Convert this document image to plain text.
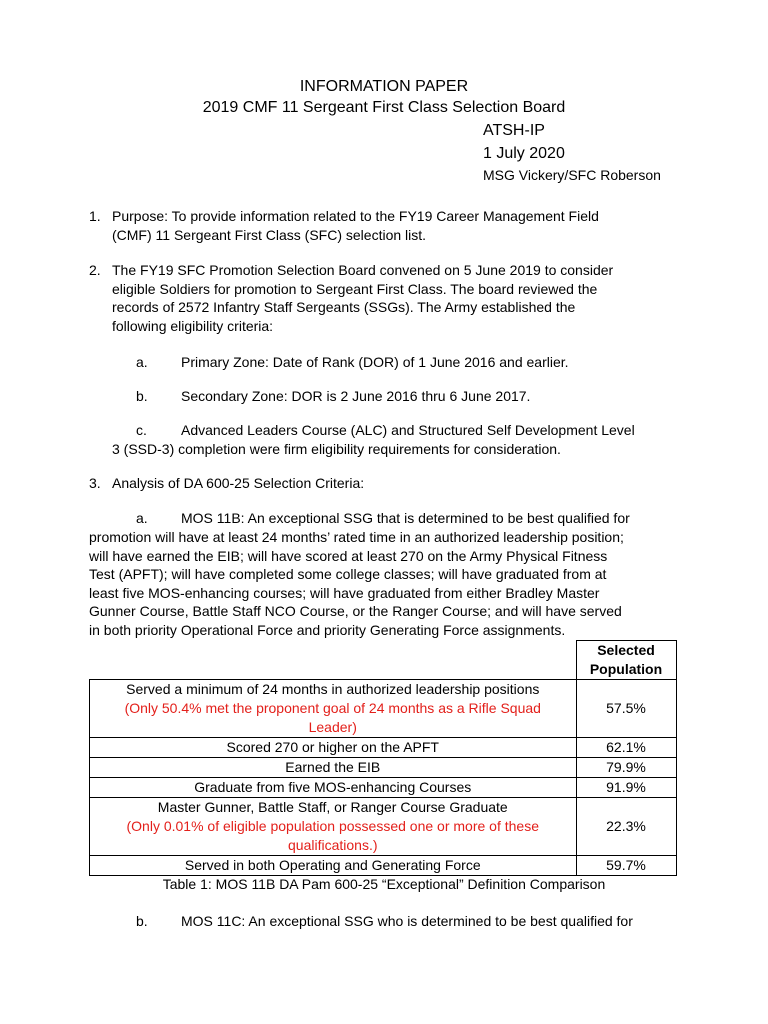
INFORMATION PAPER
2019 CMF 11 Sergeant First Class Selection Board
ATSH-IP
1 July 2020
MSG Vickery/SFC Roberson
1. Purpose: To provide information related to the FY19 Career Management Field
(CMF) 11 Sergeant First Class (SFC) selection list.
2. The FY19 SFC Promotion Selection Board convened on 5 June 2019 to consider
eligible Soldiers for promotion to Sergeant First Class. The board reviewed the
records of 2572 Infantry Staff Sergeants (SSGs). The Army established the
following eligibility criteria:
a. Primary Zone: Date of Rank (DOR) of 1 June 2016 and earlier.
b. Secondary Zone: DOR is 2 June 2016 thru 6 June 2017.
c. Advanced Leaders Course (ALC) and Structured Self Development Level
3 (SSD-3) completion were firm eligibility requirements for consideration.
3. Analysis of DA 600-25 Selection Criteria:
a. MOS 11B: An exceptional SSG that is determined to be best qualified for
promotion will have at least 24 months’ rated time in an authorized leadership position;
will have earned the EIB; will have scored at least 270 on the Army Physical Fitness
Test (APFT); will have completed some college classes; will have graduated from at
least five MOS-enhancing courses; will have graduated from either Bradley Master
Gunner Course, Battle Staff NCO Course, or the Ranger Course; and will have served
in both priority Operational Force and priority Generating Force assignments.

	Selected
Population

Served a minimum of 24 months in authorized leadership positions
(Only 50.4% met the proponent goal of 24 months as a Rifle Squad
Leader)	57.5%
Scored 270 or higher on the APFT	62.1%
Earned the EIB	79.9%
Graduate from five MOS-enhancing Courses	91.9%

Master Gunner, Battle Staff, or Ranger Course Graduate
(Only 0.01% of eligible population possessed one or more of these
qualifications.)	22.3%
Served in both Operating and Generating Force	59.7%
Table 1: MOS 11B DA Pam 600-25 “Exceptional” Definition Comparison
b. MOS 11C: An exceptional SSG who is determined to be best qualified for
